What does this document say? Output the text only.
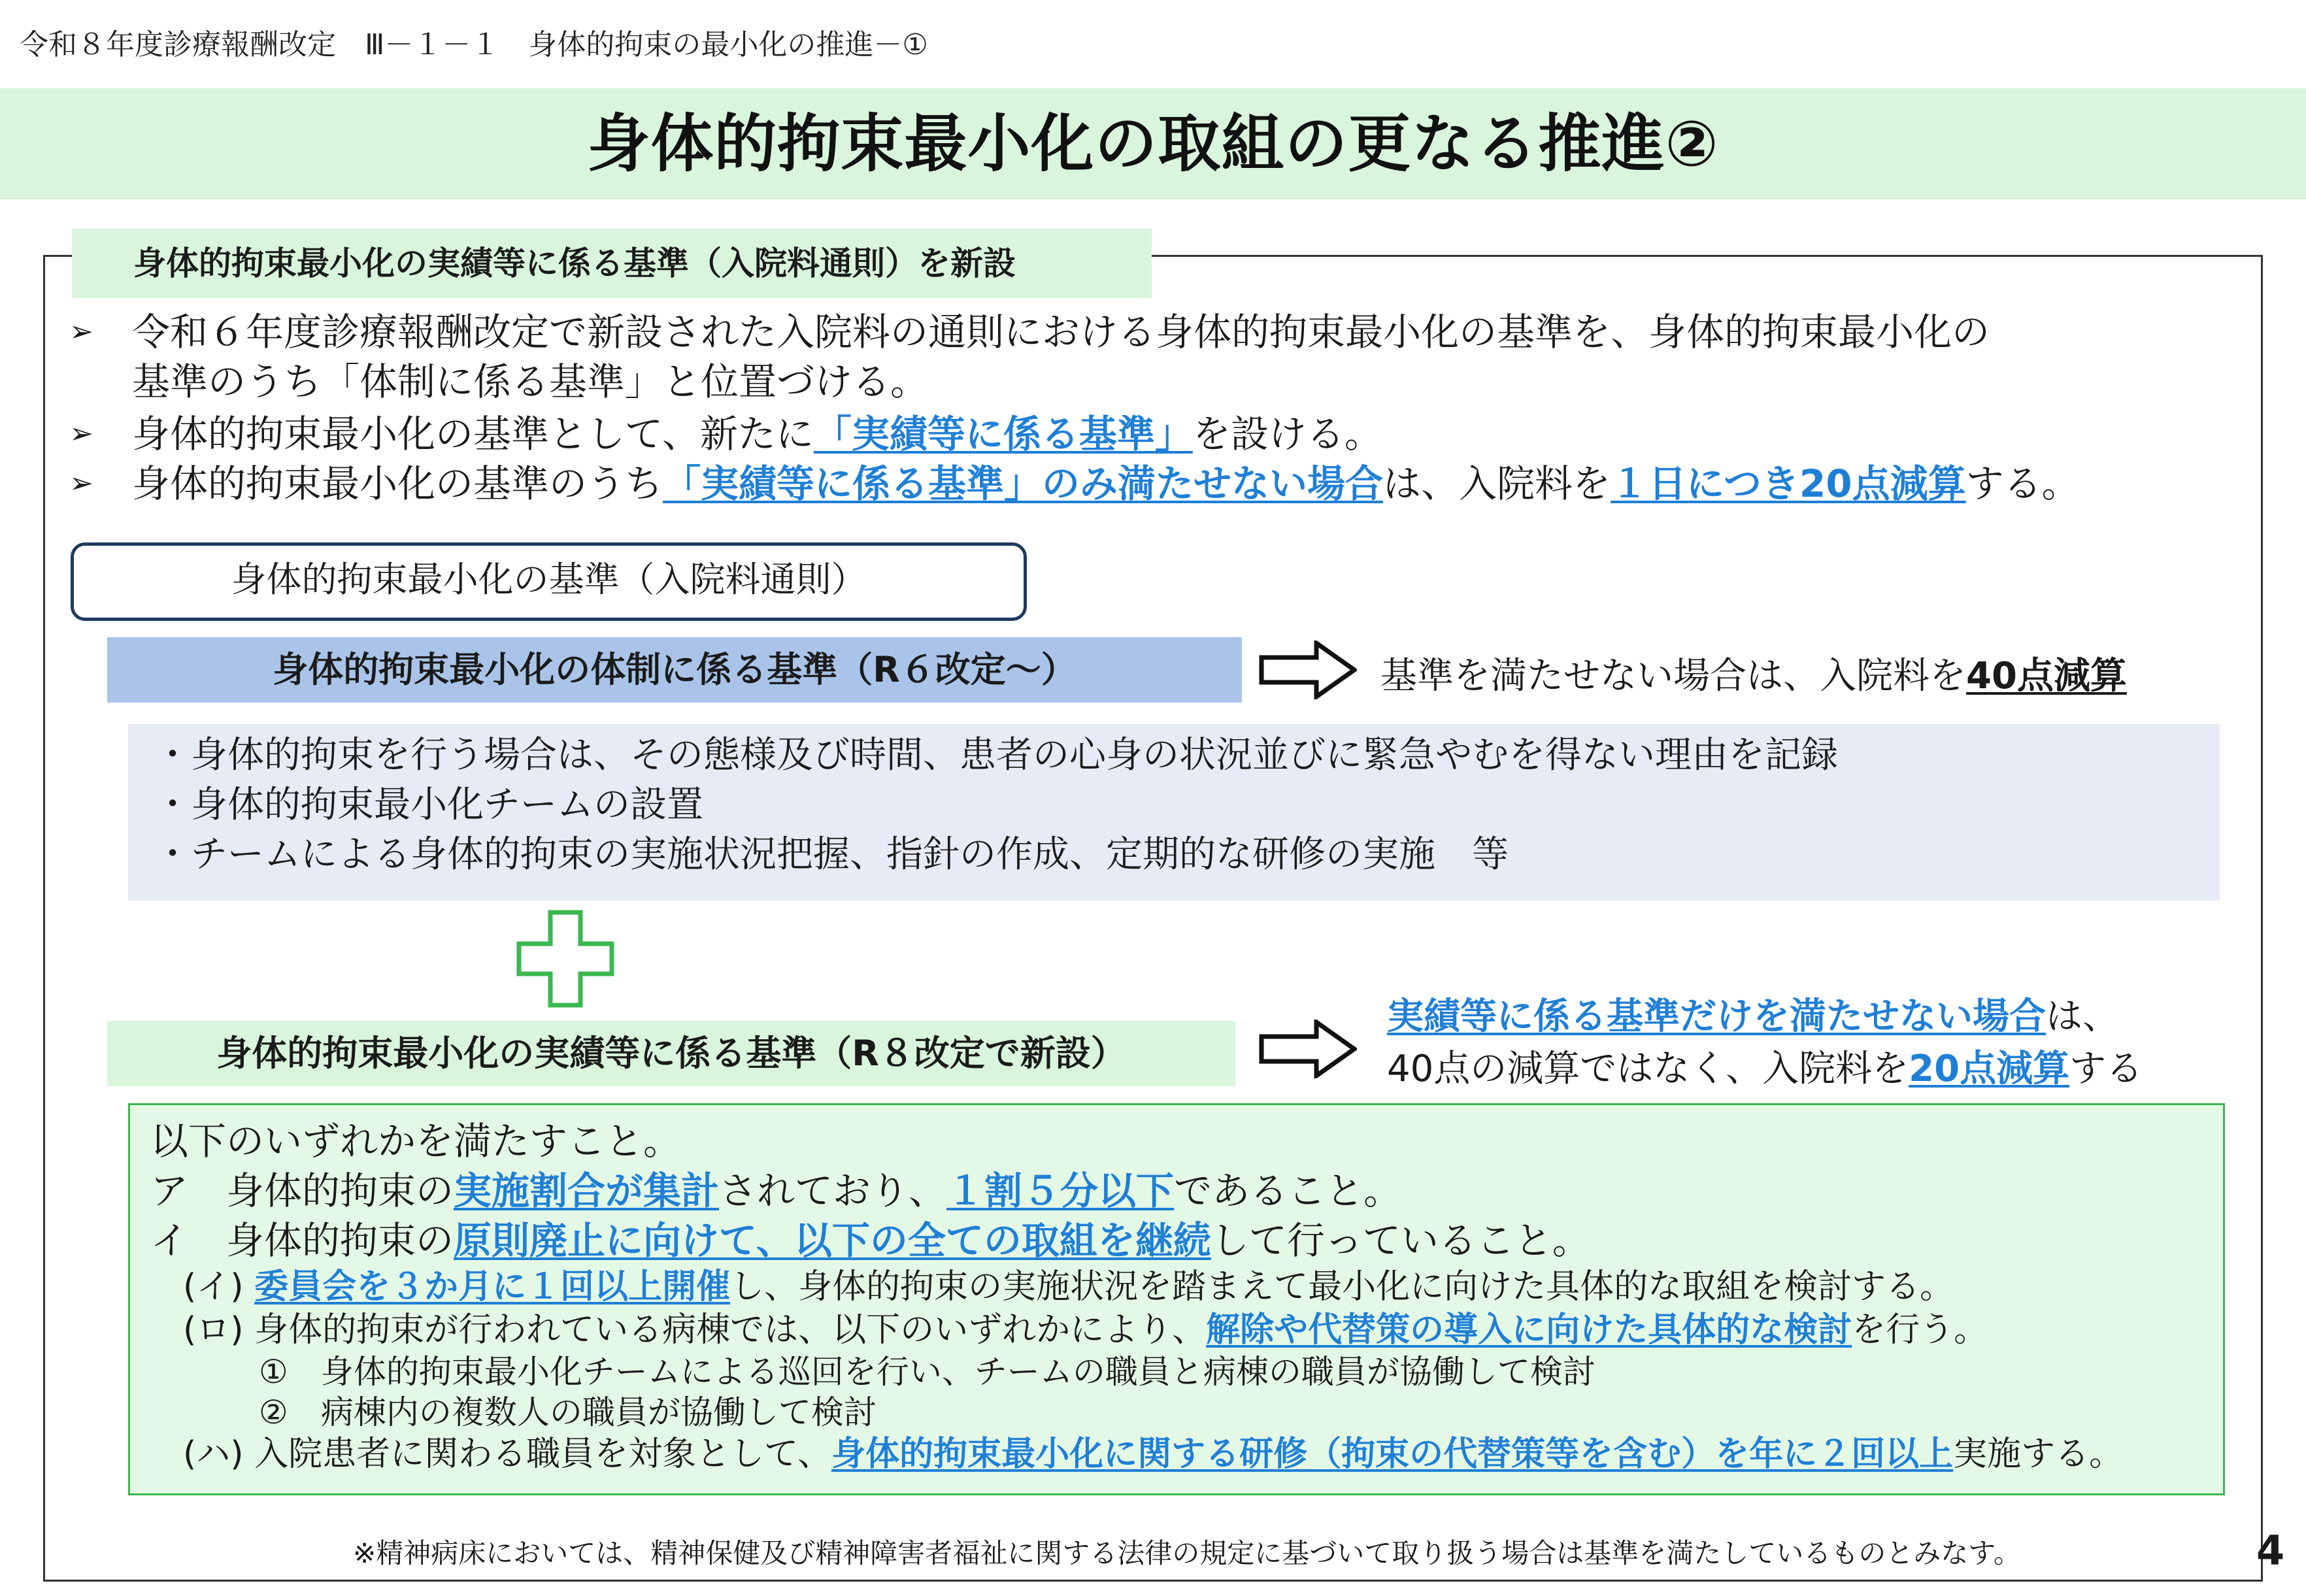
令和８年度診療報酬改定　Ⅲ－１－１　身体的拘束の最小化の推進－①
身体的拘束最小化の取組の更なる推進②
身体的拘束最小化の実績等に係る基準（入院料通則）を新設
➢ 令和６年度診療報酬改定で新設された入院料の通則における身体的拘束最小化の基準を、身体的拘束最小化の
基準のうち「体制に係る基準」と位置づける。
➢ 身体的拘束最小化の基準として、新たに「実績等に係る基準」を設ける。
➢ 身体的拘束最小化の基準のうち「実績等に係る基準」のみ満たせない場合は、入院料を１日につき20点減算する。
身体的拘束最小化の基準（入院料通則）
身体的拘束最小化の体制に係る基準（R６改定～）	基準を満たせない場合は、入院料を40点減算
・身体的拘束を行う場合は、その態様及び時間、患者の心身の状況並びに緊急やむを得ない理由を記録
・身体的拘束最小化チームの設置
・チームによる身体的拘束の実施状況把握、指針の作成、定期的な研修の実施　等
身体的拘束最小化の実績等に係る基準（R８改定で新設）
実績等に係る基準だけを満たせない場合は、
40点の減算ではなく、入院料を20点減算する
以下のいずれかを満たすこと。
ア　身体的拘束の実施割合が集計されており、１割５分以下であること。
イ　身体的拘束の原則廃止に向けて、以下の全ての取組を継続して行っていること。
(イ) 委員会を３か月に１回以上開催し、身体的拘束の実施状況を踏まえて最小化に向けた具体的な取組を検討する。
(ロ) 身体的拘束が行われている病棟では、以下のいずれかにより、解除や代替策の導入に向けた具体的な検討を行う。
①　身体的拘束最小化チームによる巡回を行い、チームの職員と病棟の職員が協働して検討
②　病棟内の複数人の職員が協働して検討
(ハ) 入院患者に関わる職員を対象として、身体的拘束最小化に関する研修（拘束の代替策等を含む）を年に２回以上実施する。
※精神病床においては、精神保健及び精神障害者福祉に関する法律の規定に基づいて取り扱う場合は基準を満たしているものとみなす。	4
